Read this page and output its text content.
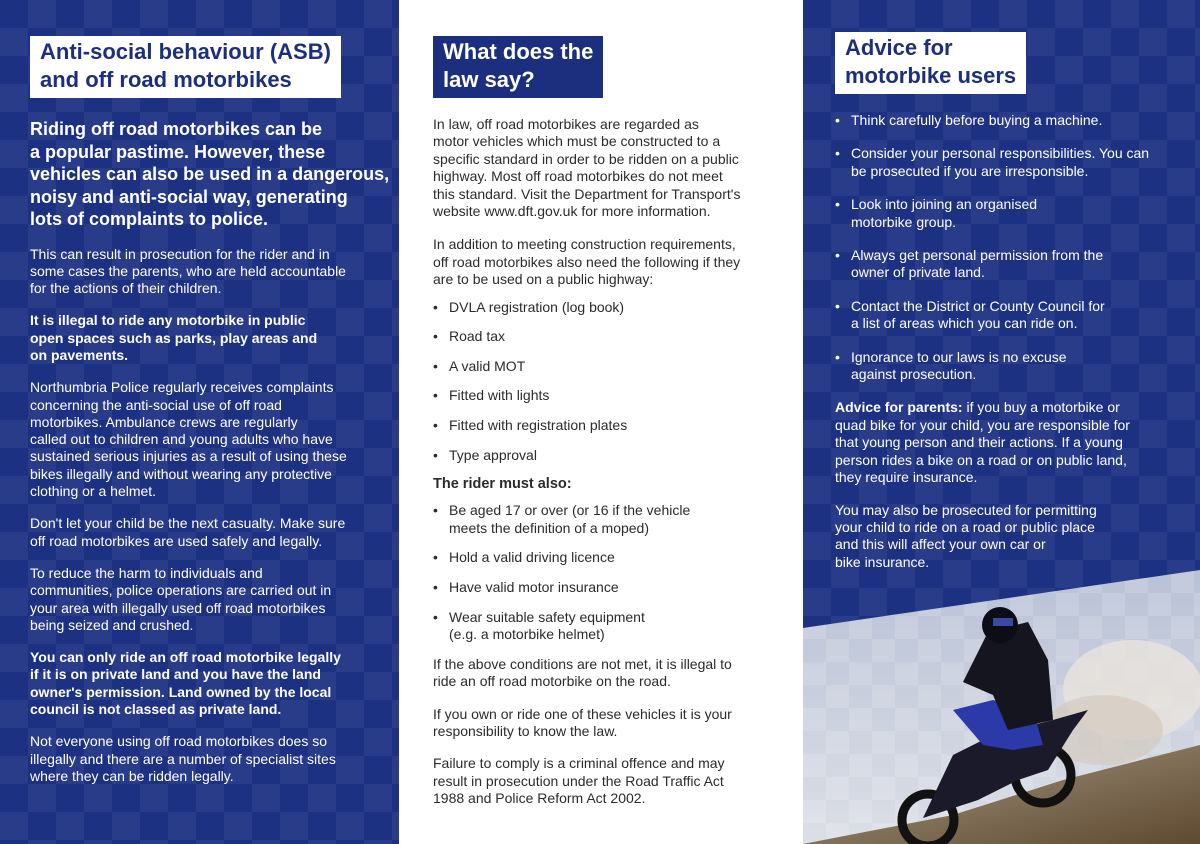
Anti-social behaviour (ASB)
and off road motorbikes
Riding off road motorbikes can be
a popular pastime. However, these
vehicles can also be used in a dangerous,
noisy and anti-social way, generating
lots of complaints to police.
This can result in prosecution for the rider and in
some cases the parents, who are held accountable
for the actions of their children.
It is illegal to ride any motorbike in public
open spaces such as parks, play areas and
on pavements.
Northumbria Police regularly receives complaints
concerning the anti-social use of off road
motorbikes. Ambulance crews are regularly
called out to children and young adults who have
sustained serious injuries as a result of using these
bikes illegally and without wearing any protective
clothing or a helmet.
Don't let your child be the next casualty. Make sure
off road motorbikes are used safely and legally.
To reduce the harm to individuals and
communities, police operations are carried out in
your area with illegally used off road motorbikes
being seized and crushed.
You can only ride an off road motorbike legally
if it is on private land and you have the land
owner's permission. Land owned by the local
council is not classed as private land.
Not everyone using off road motorbikes does so
illegally and there are a number of specialist sites
where they can be ridden legally.
What does the
law say?
In law, off road motorbikes are regarded as
motor vehicles which must be constructed to a
specific standard in order to be ridden on a public
highway. Most off road motorbikes do not meet
this standard. Visit the Department for Transport's
website www.dft.gov.uk for more information.
In addition to meeting construction requirements,
off road motorbikes also need the following if they
are to be used on a public highway:
• DVLA registration (log book)
• Road tax
• A valid MOT
• Fitted with lights
• Fitted with registration plates
• Type approval
The rider must also:
• Be aged 17 or over (or 16 if the vehicle
meets the definition of a moped)
• Hold a valid driving licence
• Have valid motor insurance
• Wear suitable safety equipment
(e.g. a motorbike helmet)
If the above conditions are not met, it is illegal to
ride an off road motorbike on the road.
If you own or ride one of these vehicles it is your
responsibility to know the law.
Failure to comply is a criminal offence and may
result in prosecution under the Road Traffic Act
1988 and Police Reform Act 2002.
Advice for
motorbike users
• Think carefully before buying a machine.
• Consider your personal responsibilities. You can
be prosecuted if you are irresponsible.
• Look into joining an organised
motorbike group.
• Always get personal permission from the
owner of private land.
• Contact the District or County Council for
a list of areas which you can ride on.
• Ignorance to our laws is no excuse
against prosecution.
Advice for parents: if you buy a motorbike or
quad bike for your child, you are responsible for
that young person and their actions. If a young
person rides a bike on a road or on public land,
they require insurance.
You may also be prosecuted for permitting
your child to ride on a road or public place
and this will affect your own car or
bike insurance.
